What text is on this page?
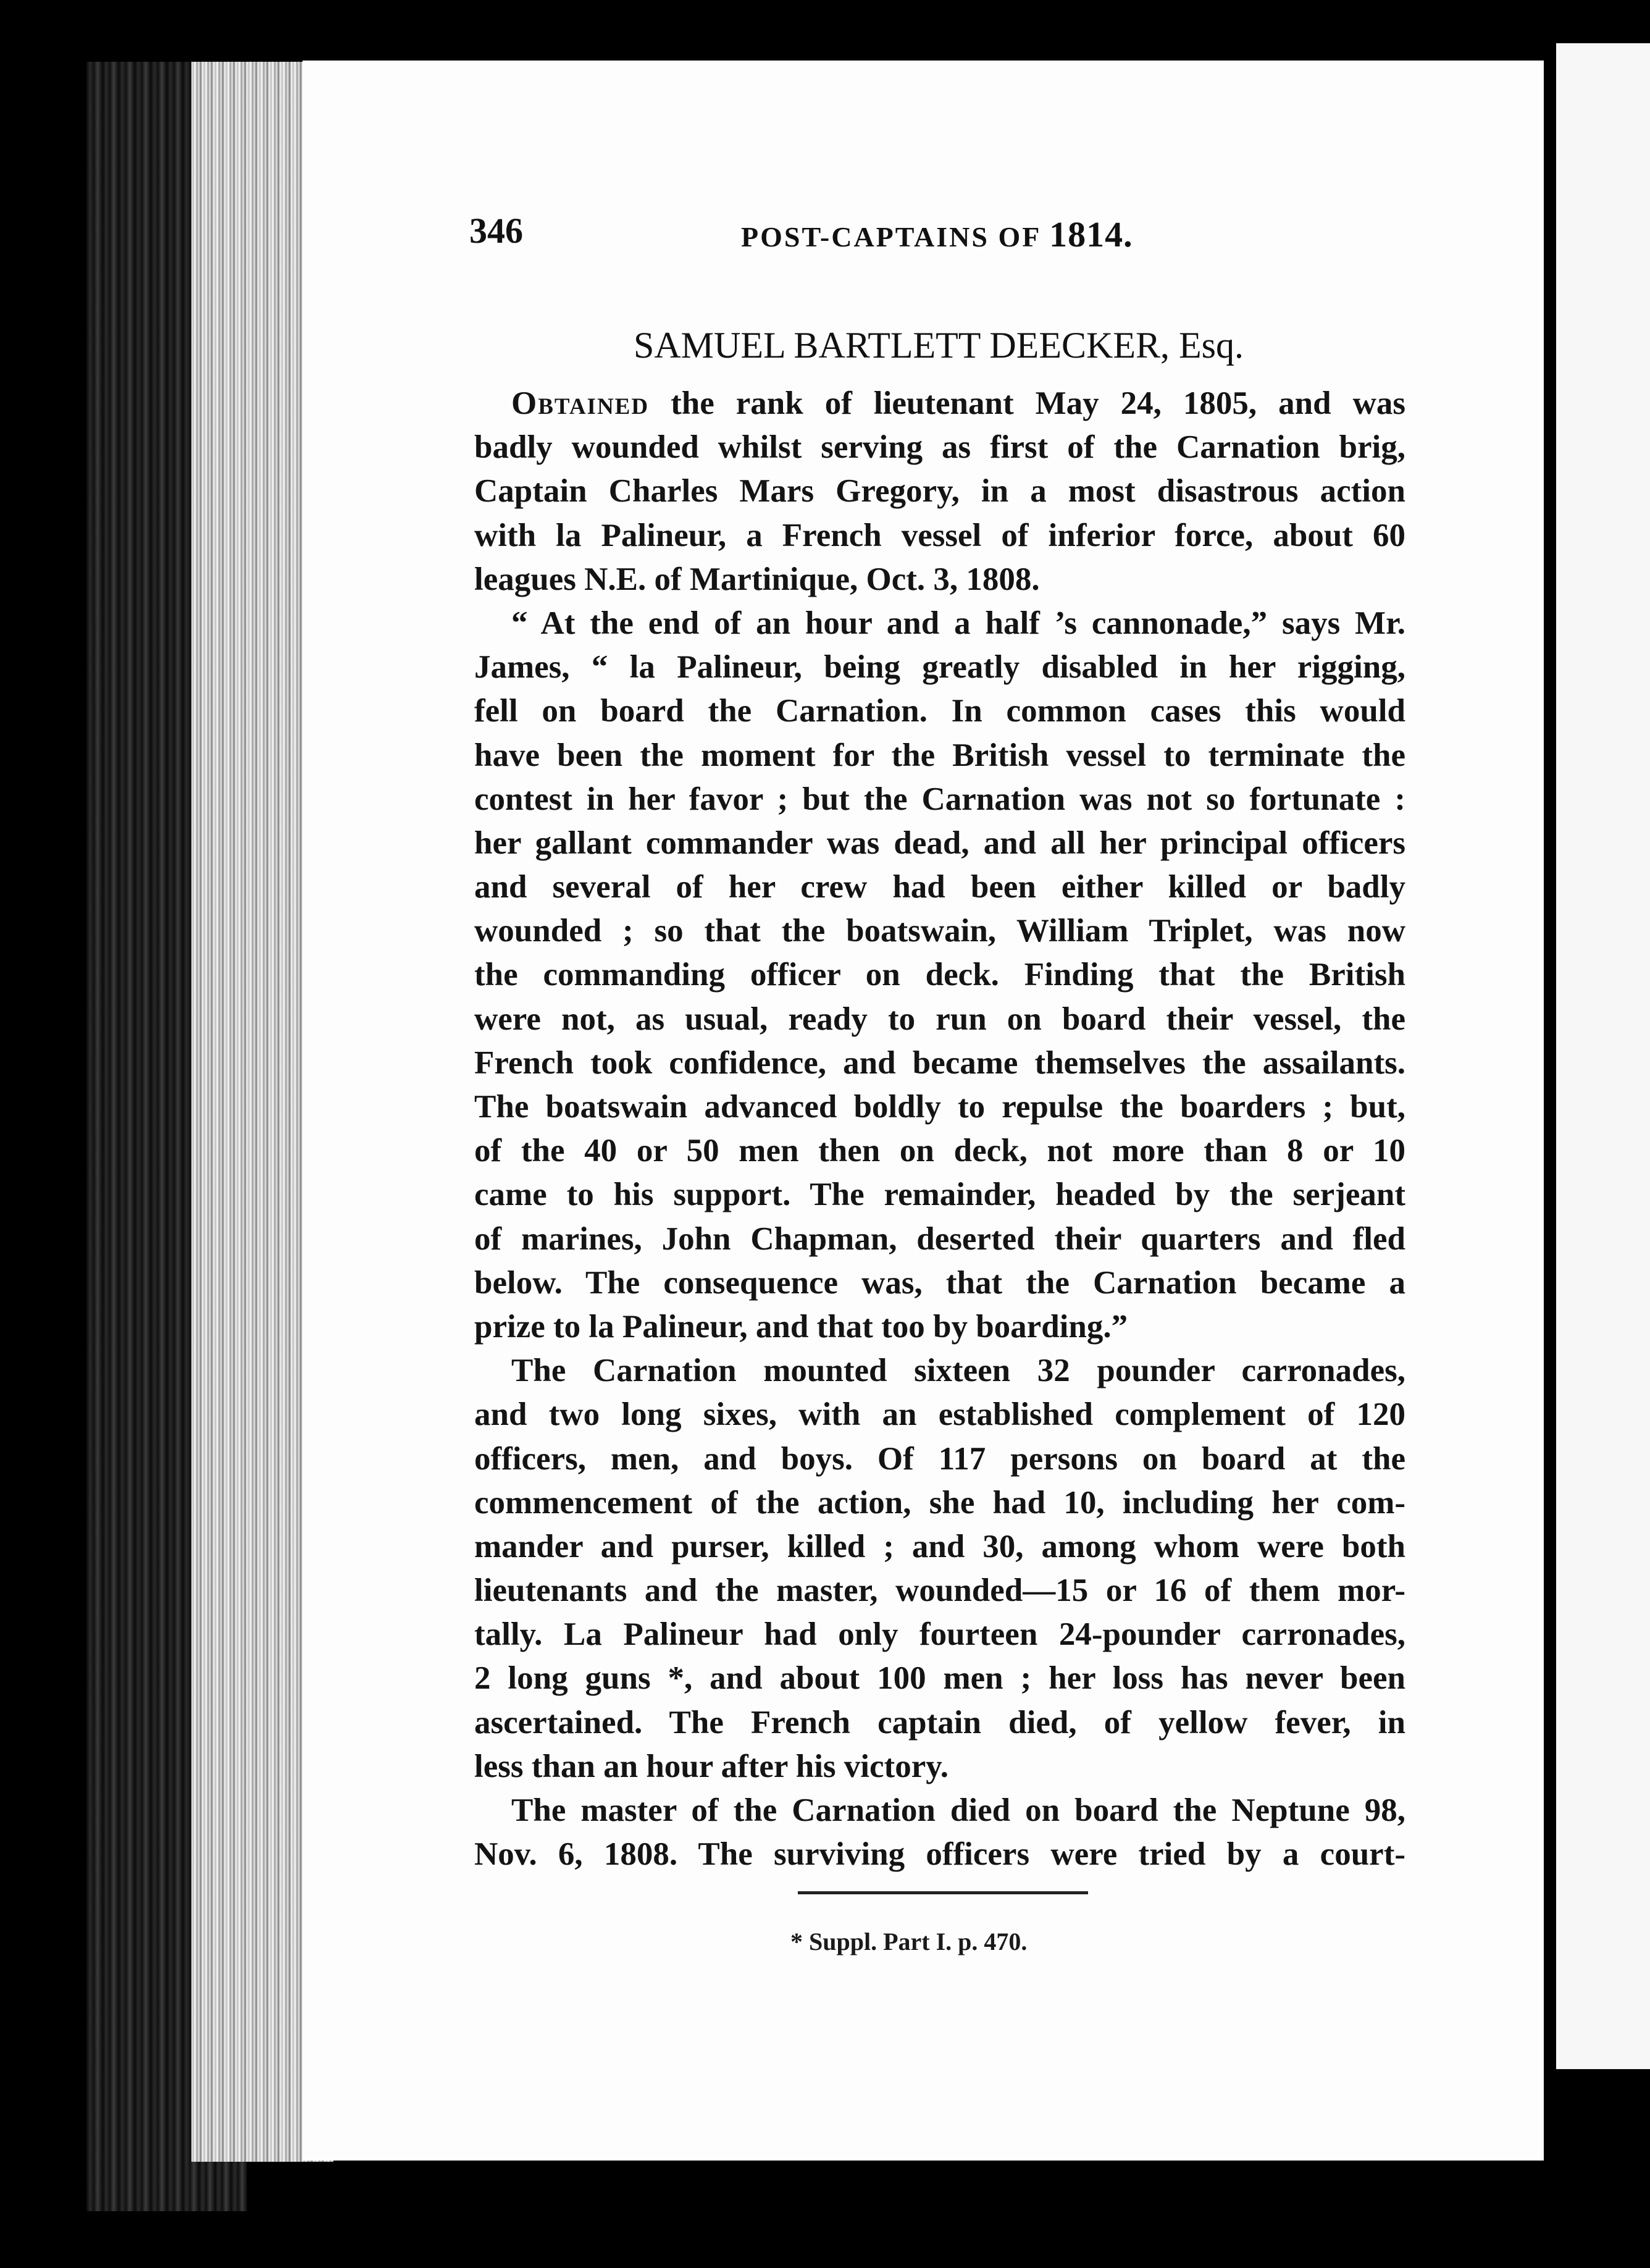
346	POST-CAPTAINS OF 1814.
SAMUEL BARTLETT DEECKER, Esq.
Obtained the rank of lieutenant May 24, 1805, and was
badly wounded whilst serving as first of the Carnation brig,
Captain Charles Mars Gregory, in a most disastrous action
with la Palineur, a French vessel of inferior force, about 60
leagues N.E. of Martinique, Oct. 3, 1808.
“ At the end of an hour and a half ’s cannonade,” says Mr.
James, “ la Palineur, being greatly disabled in her rigging,
fell on board the Carnation. In common cases this would
have been the moment for the British vessel to terminate the
contest in her favor ; but the Carnation was not so fortunate :
her gallant commander was dead, and all her principal officers
and several of her crew had been either killed or badly
wounded ; so that the boatswain, William Triplet, was now
the commanding officer on deck. Finding that the British
were not, as usual, ready to run on board their vessel, the
French took confidence, and became themselves the assailants.
The boatswain advanced boldly to repulse the boarders ; but,
of the 40 or 50 men then on deck, not more than 8 or 10
came to his support. The remainder, headed by the serjeant
of marines, John Chapman, deserted their quarters and fled
below. The consequence was, that the Carnation became a
prize to la Palineur, and that too by boarding.”
The Carnation mounted sixteen 32 pounder carronades,
and two long sixes, with an established complement of 120
officers, men, and boys. Of 117 persons on board at the
commencement of the action, she had 10, including her com-
mander and purser, killed ; and 30, among whom were both
lieutenants and the master, wounded—15 or 16 of them mor-
tally. La Palineur had only fourteen 24-pounder carronades,
2 long guns *, and about 100 men ; her loss has never been
ascertained. The French captain died, of yellow fever, in
less than an hour after his victory.
The master of the Carnation died on board the Neptune 98,
Nov. 6, 1808. The surviving officers were tried by a court-
* Suppl. Part I. p. 470.
